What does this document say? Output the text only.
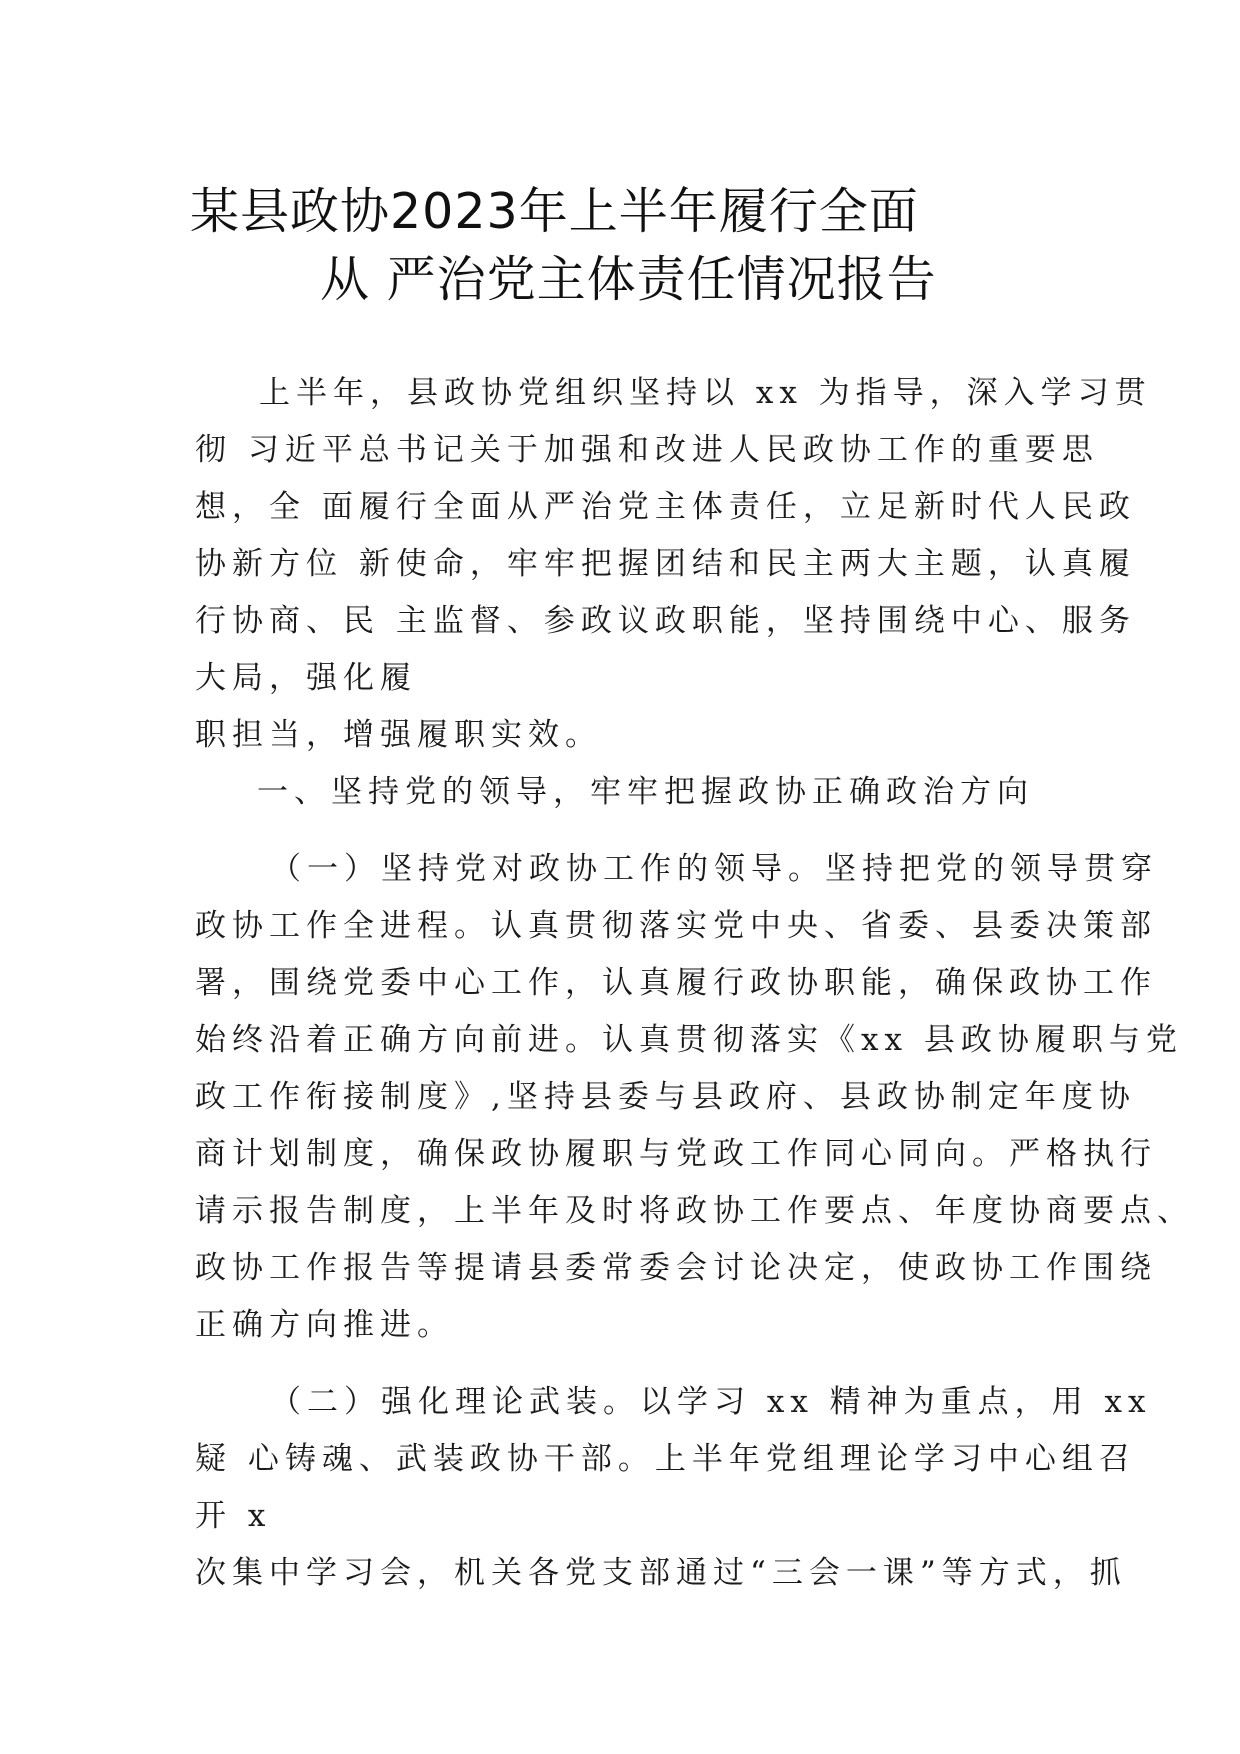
某县政协2023年上半年履行全面
从 严治党主体责任情况报告
上半年，县政协党组织坚持以 xx 为指导，深入学习贯
彻 习近平总书记关于加强和改进人民政协工作的重要思
想，全 面履行全面从严治党主体责任，立足新时代人民政
协新方位 新使命，牢牢把握团结和民主两大主题，认真履
行协商、民 主监督、参政议政职能，坚持围绕中心、服务
大局，强化履
职担当，增强履职实效。
一、坚持党的领导，牢牢把握政协正确政治方向
（一）坚持党对政协工作的领导。坚持把党的领导贯穿
政协工作全进程。认真贯彻落实党中央、省委、县委决策部
署，围绕党委中心工作，认真履行政协职能，确保政协工作
始终沿着正确方向前进。认真贯彻落实《xx 县政协履职与党
政工作衔接制度》,坚持县委与县政府、县政协制定年度协
商计划制度，确保政协履职与党政工作同心同向。严格执行
请示报告制度，上半年及时将政协工作要点、年度协商要点、
政协工作报告等提请县委常委会讨论决定，使政协工作围绕
正确方向推进。
（二）强化理论武装。以学习 xx 精神为重点，用 xx
疑 心铸魂、武装政协干部。上半年党组理论学习中心组召
开 x
次集中学习会，机关各党支部通过“三会一课”等方式，抓
